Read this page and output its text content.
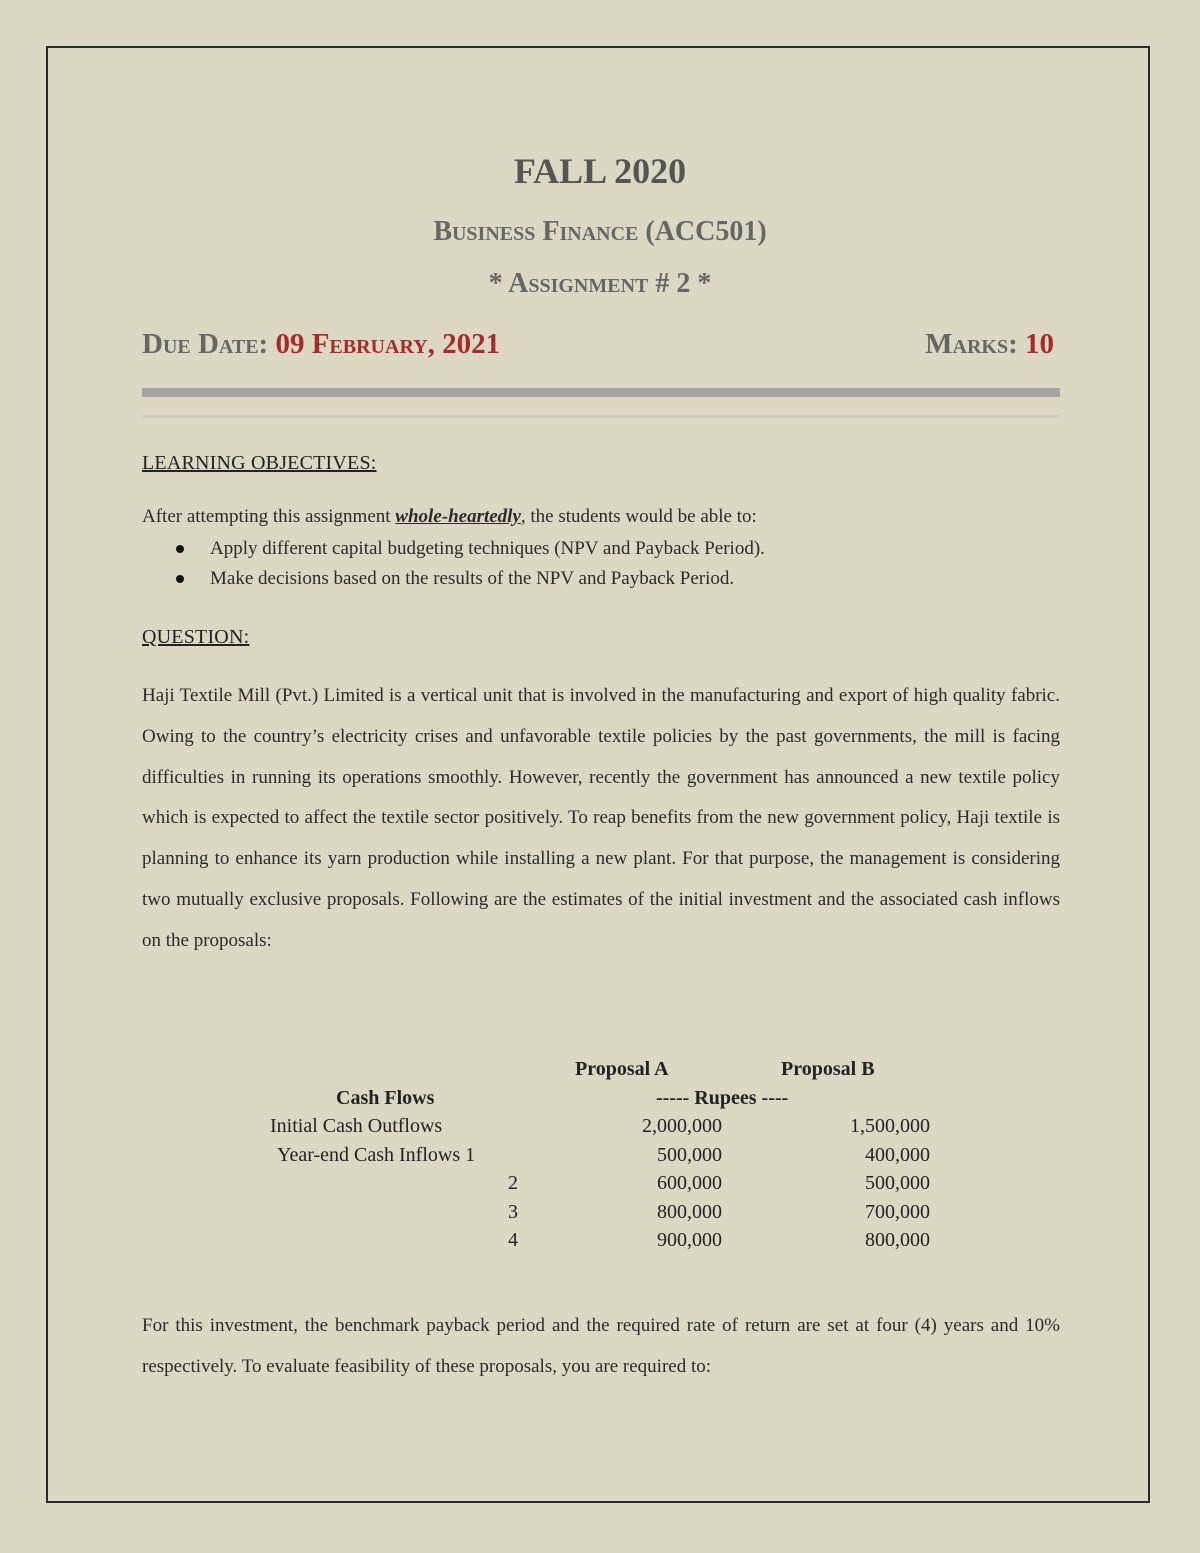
FALL 2020
Business Finance (ACC501)
* Assignment # 2 *
Due Date: 09 February, 2021	Marks: 10
LEARNING OBJECTIVES:
After attempting this assignment whole-heartedly, the students would be able to:
Apply different capital budgeting techniques (NPV and Payback Period).
Make decisions based on the results of the NPV and Payback Period.
QUESTION:
Haji Textile Mill (Pvt.) Limited is a vertical unit that is involved in the manufacturing and export of high quality fabric. Owing to the country’s electricity crises and unfavorable textile policies by the past governments, the mill is facing difficulties in running its operations smoothly. However, recently the government has announced a new textile policy which is expected to affect the textile sector positively. To reap benefits from the new government policy, Haji textile is planning to enhance its yarn production while installing a new plant. For that purpose, the management is considering two mutually exclusive proposals. Following are the estimates of the initial investment and the associated cash inflows on the proposals:
Proposal A	Proposal B
Cash Flows	----- Rupees ----
Initial Cash Outflows	2,000,000	1,500,000
Year-end Cash Inflows 1	500,000	400,000
2	600,000	500,000
3	800,000	700,000
4	900,000	800,000
For this investment, the benchmark payback period and the required rate of return are set at four (4) years and 10% respectively. To evaluate feasibility of these proposals, you are required to:
